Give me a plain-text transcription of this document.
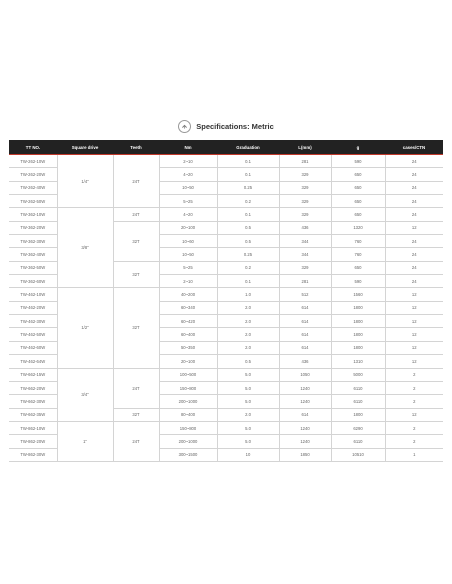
Specifications: Metric
TT NO.	Square drive	Teeth	Nm	Graduation	L(mm)	g	cases/CTN
TW-262-10W	1/4"	24T	2~10	0.1	281	590	24
TW-262-20W			4~20	0.1	329	650	24
TW-262-40W			10~50	0.25	329	650	24
TW-262-50W			5~25	0.2	329	650	24
TW-362-10W	3/8"	24T	4~20	0.1	329	650	24
TW-362-20W		32T	20~100	0.5	436	1320	12
TW-362-30W			10~60	0.5	344	760	24
TW-362-40W			10~50	0.25	344	760	24
TW-362-50W		32T	5~25	0.2	329	650	24
TW-362-60W			2~10	0.1	281	590	24
TW-462-10W	1/2"	32T	40~200	1.0	512	1560	12
TW-462-20W			60~340	2.0	614	1800	12
TW-462-30W			60~420	2.0	614	1800	12
TW-462-50W			60~400	2.0	614	1800	12
TW-462-60W			50~350	2.0	614	1800	12
TW-462-64W			20~100	0.5	436	1310	12
TW-662-15W	3/4"	24T	100~500	5.0	1050	5000	2
TW-662-20W			150~800	5.0	1240	6110	2
TW-662-30W			200~1000	5.0	1240	6110	2
TW-662-35W		32T	80~400	2.0	614	1800	12
TW-862-10W	1"	24T	150~800	5.0	1240	6290	2
TW-862-20W			200~1000	5.0	1240	6110	2
TW-862-30W			300~1500	10	1850	10510	1
